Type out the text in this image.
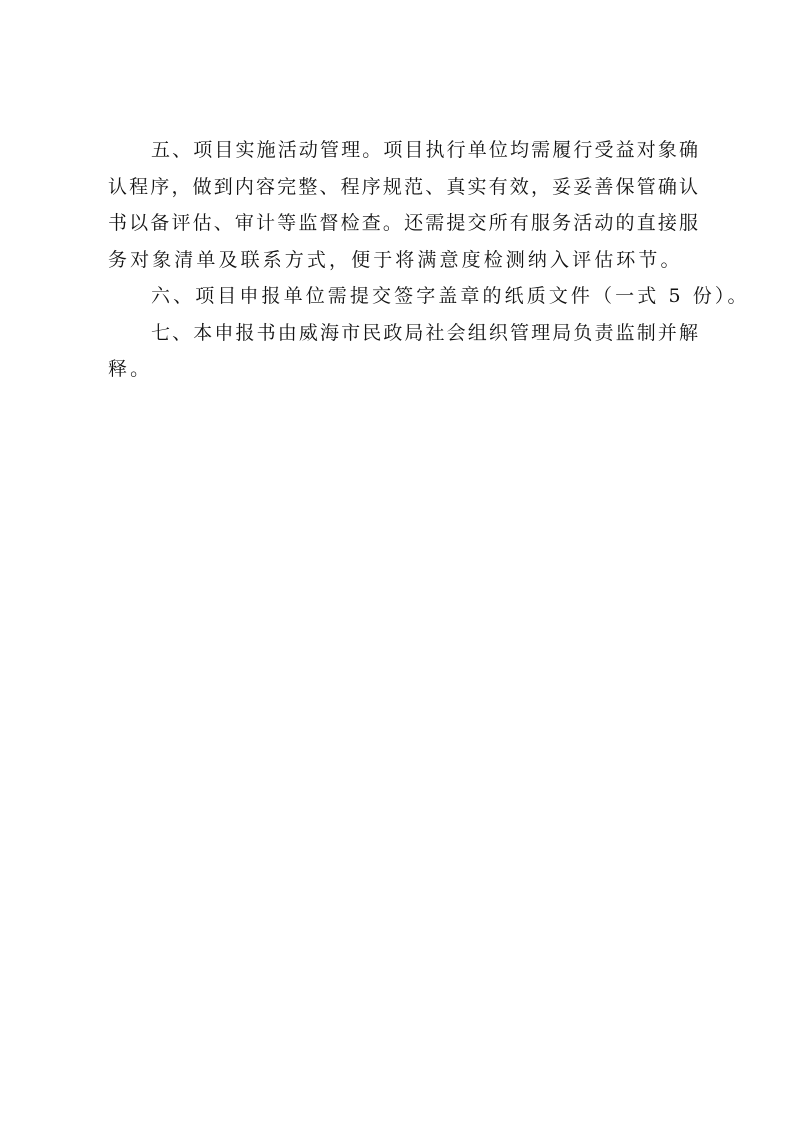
五、项目实施活动管理。项目执行单位均需履行受益对象确
认程序，做到内容完整、程序规范、真实有效，妥妥善保管确认
书以备评估、审计等监督检查。还需提交所有服务活动的直接服
务对象清单及联系方式，便于将满意度检测纳入评估环节。
六、项目申报单位需提交签字盖章的纸质文件（一式 5 份）。
七、本申报书由威海市民政局社会组织管理局负责监制并解
释。
